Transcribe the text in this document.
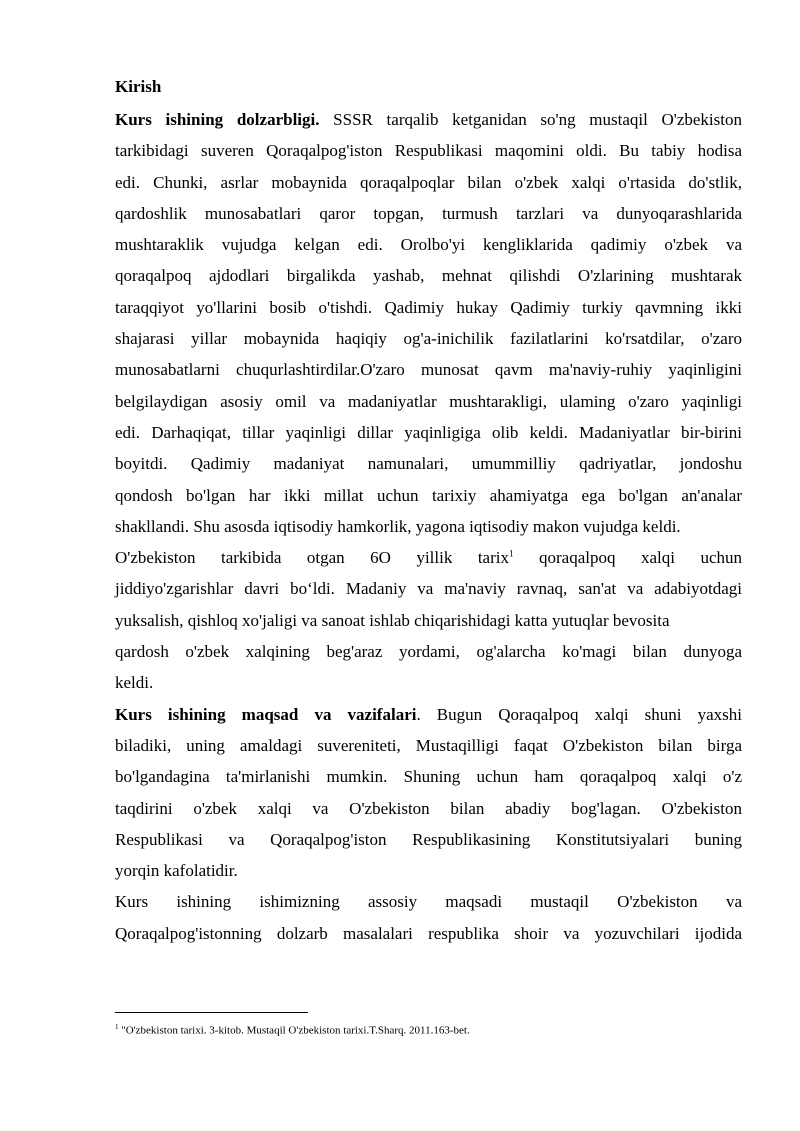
Kirish

Kurs ishining dolzarbligi. SSSR tarqalib ketganidan so'ng mustaqil O'zbekiston
tarkibidagi suveren Qoraqalpog'iston Respublikasi maqomini oldi. Bu tabiy hodisa
edi. Chunki, asrlar mobaynida qoraqalpoqlar bilan o'zbek xalqi o'rtasida do'stlik,
qardoshlik munosabatlari qaror topgan, turmush tarzlari va dunyoqarashlarida
mushtaraklik vujudga kelgan edi. Orolbo'yi kengliklarida qadimiy o'zbek va
qoraqalpoq ajdodlari birgalikda yashab, mehnat qilishdi O'zlarining mushtarak
taraqqiyot yo'llarini bosib o'tishdi. Qadimiy hukay Qadimiy turkiy qavmning ikki
shajarasi yillar mobaynida haqiqiy og'a-inichilik fazilatlarini ko'rsatdilar, o'zaro
munosabatlarni chuqurlashtirdilar.O'zaro munosat qavm ma'naviy-ruhiy yaqinligini
belgilaydigan asosiy omil va madaniyatlar mushtarakligi, ulaming o'zaro yaqinligi
edi. Darhaqiqat, tillar yaqinligi dillar yaqinligiga olib keldi. Madaniyatlar bir-birini
boyitdi. Qadimiy madaniyat namunalari, umummilliy qadriyatlar, jondoshu
qondosh bo'lgan har ikki millat uchun tarixiy ahamiyatga ega bo'lgan an'analar
shakllandi. Shu asosda iqtisodiy hamkorlik, yagona iqtisodiy makon vujudga keldi.
O'zbekiston tarkibida otgan 6O yillik tarix$^1$ qoraqalpoq xalqi uchun
jiddiyo'zgarishlar davri bo‘ldi. Madaniy va ma'naviy ravnaq, san'at va adabiyotdagi
yuksalish, qishloq xo'jaligi va sanoat ishlab chiqarishidagi katta yutuqlar bevosita
qardosh o'zbek xalqining beg'araz yordami, og'alarcha ko'magi bilan dunyoga
keldi.

Kurs ishining maqsad va vazifalari. Bugun Qoraqalpoq xalqi shuni yaxshi
biladiki, uning amaldagi suvereniteti, Mustaqilligi faqat O'zbekiston bilan birga
bo'lgandagina ta'mirlanishi mumkin. Shuning uchun ham qoraqalpoq xalqi o'z
taqdirini o'zbek xalqi va O'zbekiston bilan abadiy bog'lagan. O'zbekiston
Respublikasi va Qoraqalpog'iston Respublikasining Konstitutsiyalari buning
yorqin kafolatidir.

Kurs ishining ishimizning assosiy maqsadi mustaqil O'zbekiston va
Qoraqalpog'istonning dolzarb masalalari respublika shoir va yozuvchilari ijodida

$^1$ "O'zbekiston tarixi. 3-kitob. Mustaqil O'zbekiston tarixi.T.Sharq. 2011.163-bet.
